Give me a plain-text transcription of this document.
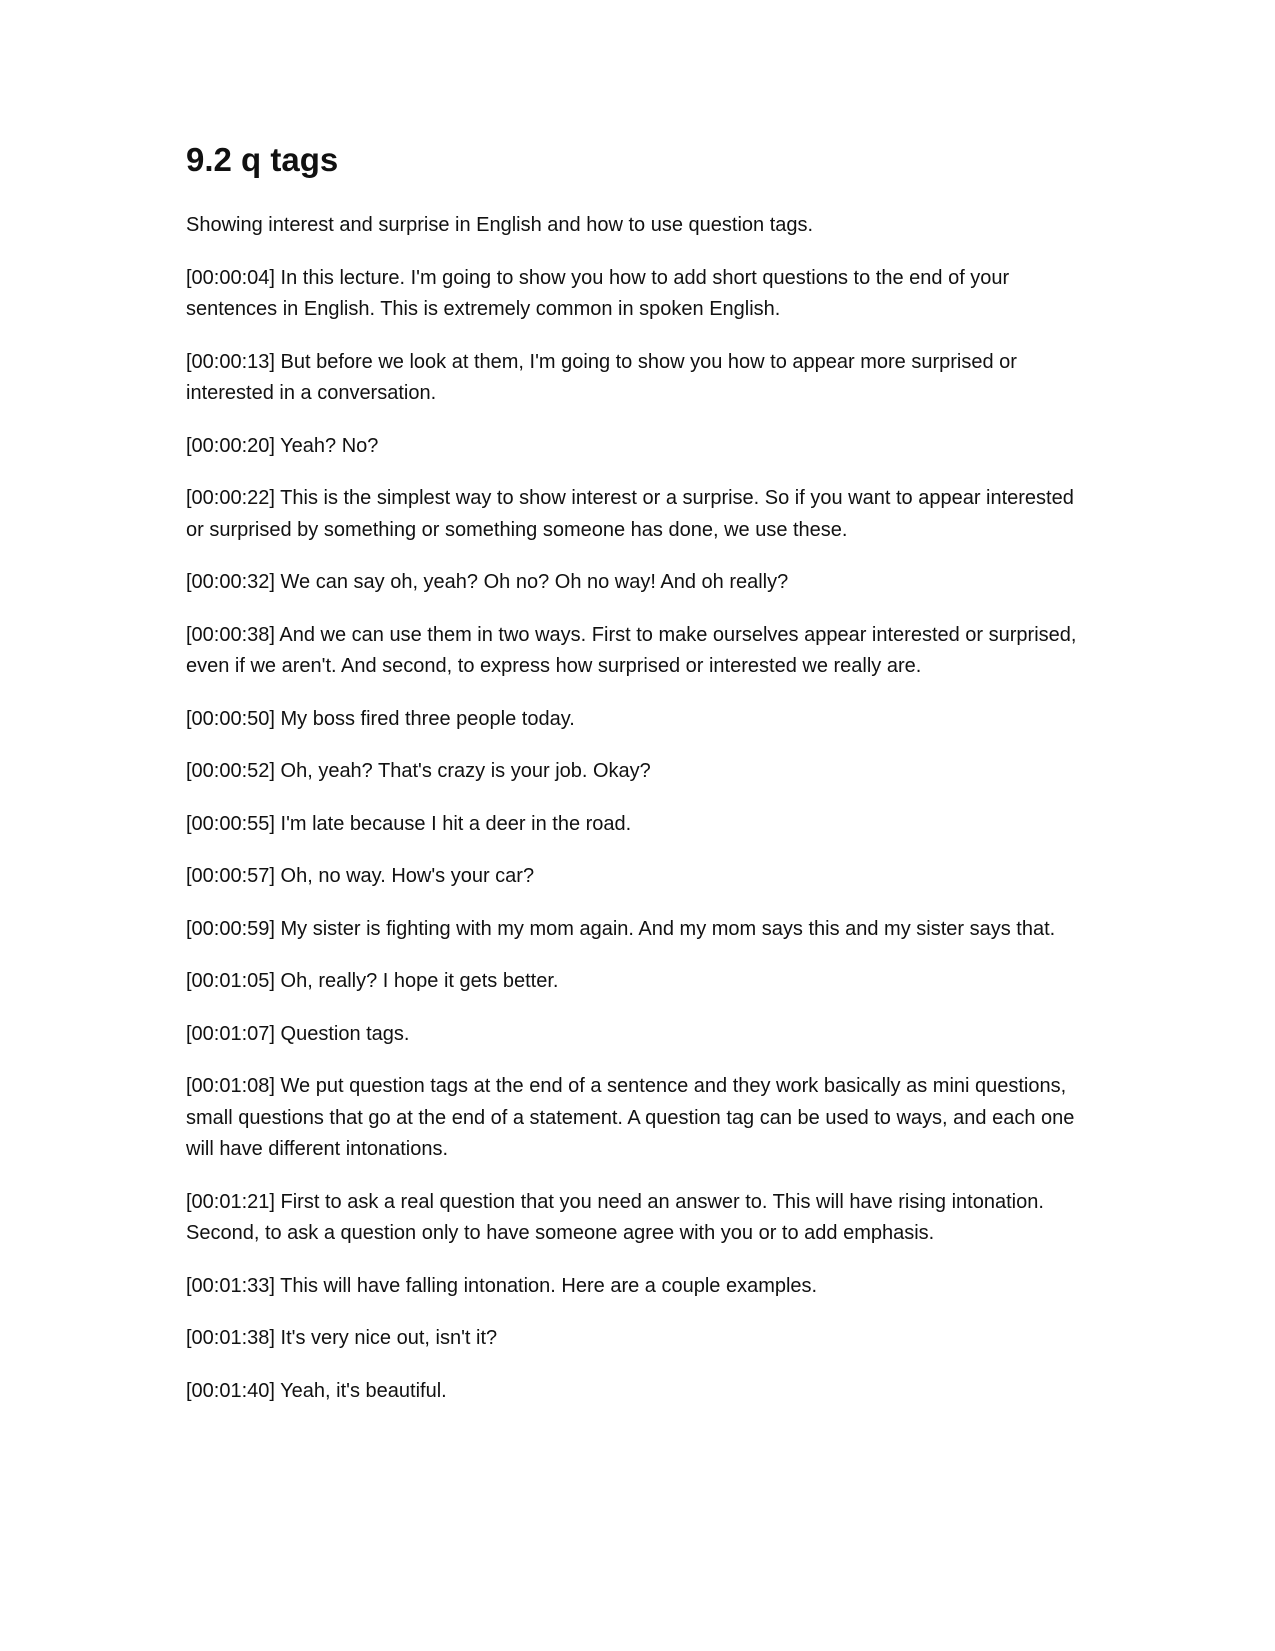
9.2 q tags

Showing interest and surprise in English and how to use question tags.

[00:00:04] In this lecture. I'm going to show you how to add short questions to the end of your sentences in English. This is extremely common in spoken English.

[00:00:13] But before we look at them, I'm going to show you how to appear more surprised or interested in a conversation.

[00:00:20] Yeah? No?

[00:00:22] This is the simplest way to show interest or a surprise. So if you want to appear interested or surprised by something or something someone has done, we use these.

[00:00:32] We can say oh, yeah? Oh no? Oh no way! And oh really?

[00:00:38] And we can use them in two ways. First to make ourselves appear interested or surprised, even if we aren't. And second, to express how surprised or interested we really are.

[00:00:50] My boss fired three people today.

[00:00:52] Oh, yeah? That's crazy is your job. Okay?

[00:00:55] I'm late because I hit a deer in the road.

[00:00:57] Oh, no way. How's your car?

[00:00:59] My sister is fighting with my mom again. And my mom says this and my sister says that.

[00:01:05] Oh, really? I hope it gets better.

[00:01:07] Question tags.

[00:01:08] We put question tags at the end of a sentence and they work basically as mini questions, small questions that go at the end of a statement. A question tag can be used to ways, and each one will have different intonations.

[00:01:21] First to ask a real question that you need an answer to. This will have rising intonation. Second, to ask a question only to have someone agree with you or to add emphasis.

[00:01:33] This will have falling intonation. Here are a couple examples.

[00:01:38] It's very nice out, isn't it?

[00:01:40] Yeah, it's beautiful.
